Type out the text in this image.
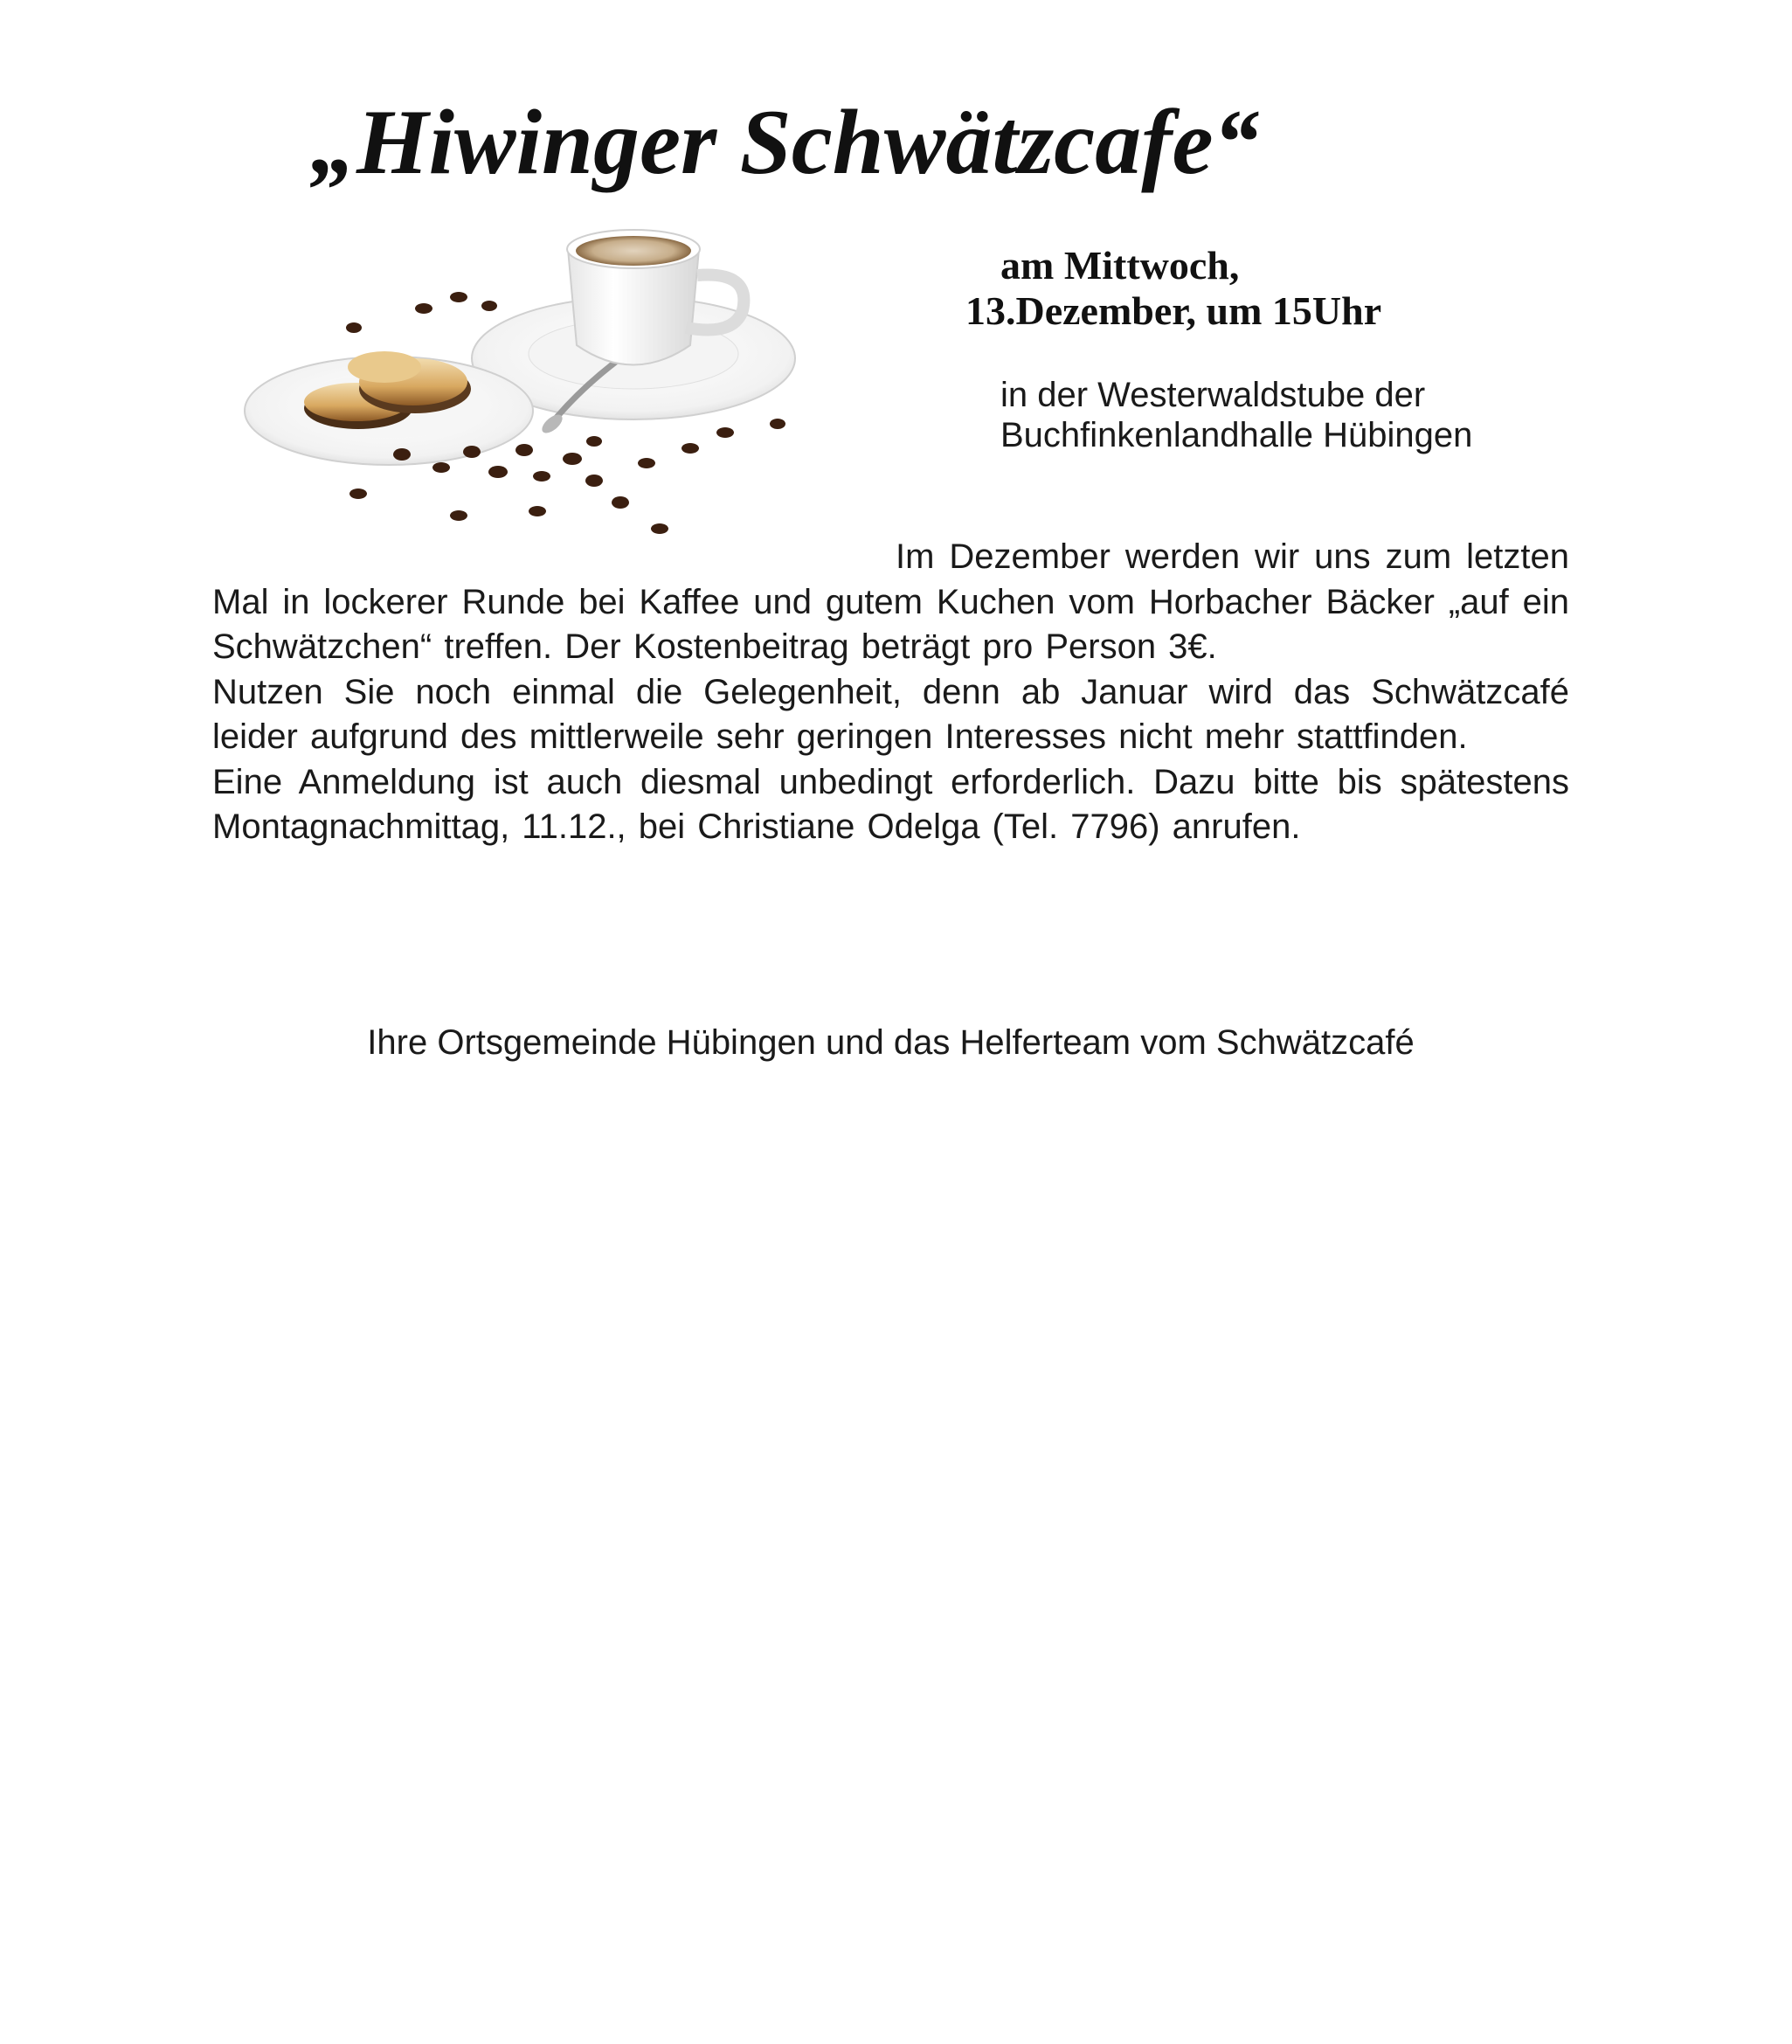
„Hiwinger Schwätzcafe“
am Mittwoch,
13.Dezember, um 15Uhr
in der Westerwaldstube der
Buchfinkenlandhalle Hübingen

Im Dezember werden wir uns zum letzten Mal in lockerer Runde bei Kaffee und gutem Kuchen vom Horbacher Bäcker „auf ein Schwätzchen“ treffen. Der Kostenbeitrag beträgt pro Person 3€.

Nutzen Sie noch einmal die Gelegenheit, denn ab Januar wird das Schwätzcafé leider aufgrund des mittlerweile sehr geringen Interesses nicht mehr stattfinden.

Eine Anmeldung ist auch diesmal unbedingt erforderlich. Dazu bitte bis spätestens Montagnachmittag, 11.12., bei Christiane Odelga (Tel. 7796) anrufen.

Ihre Ortsgemeinde Hübingen und das Helferteam vom Schwätzcafé
